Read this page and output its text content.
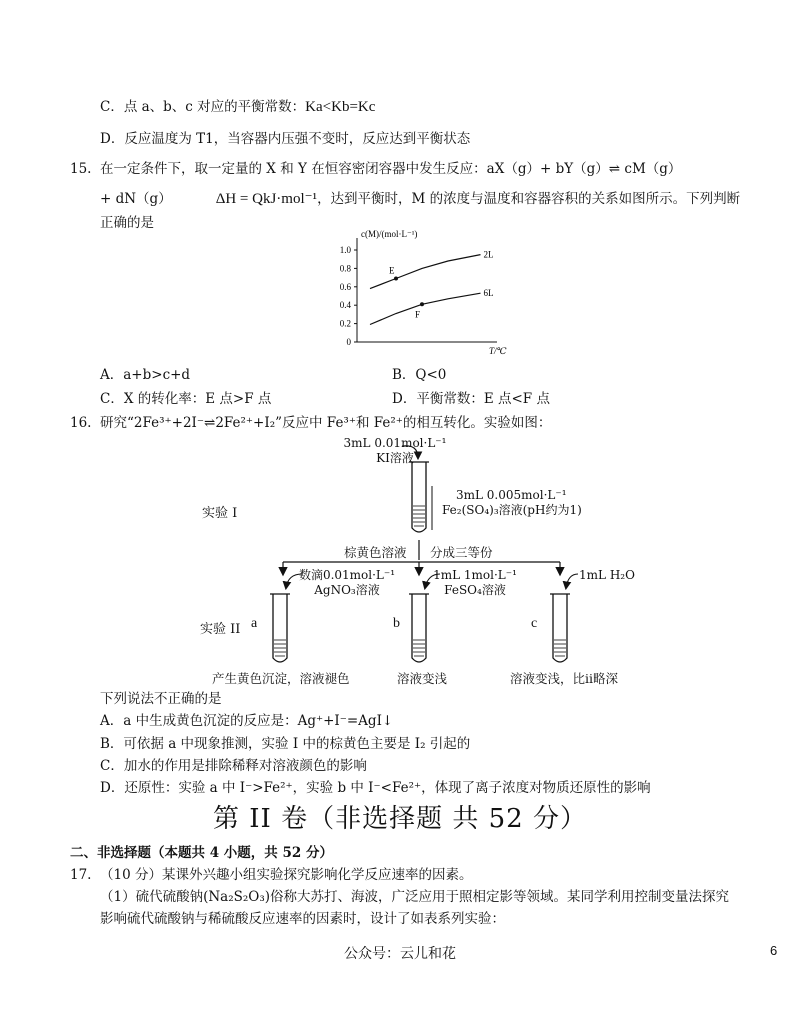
C．点 a、b、c 对应的平衡常数：Ka<Kb=Kc
D．反应温度为 T1，当容器内压强不变时，反应达到平衡状态
15. 在一定条件下，取一定量的 X 和 Y 在恒容密闭容器中发生反应：aX（g）+ bY（g）⇌ cM（g）
+ dN（g）	ΔH = QkJ·mol⁻¹，达到平衡时，M 的浓度与温度和容器容积的关系如图所示。下列判断
正确的是
c(M)/(mol·L⁻¹)
T/℃
0
0.2
0.4
0.6
0.8
1.0	2L
6L
E
F
A．a+b>c+d	B．Q<0
C．X 的转化率：E 点>F 点	D．平衡常数：E 点<F 点
16. 研究“2Fe³⁺+2I⁻⇌2Fe²⁺+I₂”反应中 Fe³⁺和 Fe²⁺的相互转化。实验如图：
3mL 0.01mol·L⁻¹
KI溶液
实验 I
3mL 0.005mol·L⁻¹
Fe₂(SO₄)₃溶液(pH约为1)
棕黄色溶液 分成三等份
数滴0.01mol·L⁻¹
AgNO₃溶液
1mL 1mol·L⁻¹
FeSO₄溶液
1mL H₂O
实验 II a	b	c
产生黄色沉淀，溶液褪色	溶液变浅	溶液变浅，比ii略深
下列说法不正确的是
A．a 中生成黄色沉淀的反应是：Ag⁺+I⁻=AgI↓
B．可依据 a 中现象推测，实验 I 中的棕黄色主要是 I₂ 引起的
C．加水的作用是排除稀释对溶液颜色的影响
D．还原性：实验 a 中 I⁻>Fe²⁺，实验 b 中 I⁻<Fe²⁺，体现了离子浓度对物质还原性的影响
第 II 卷（非选择题 共 52 分）
二、非选择题（本题共 4 小题，共 52 分）
17. （10 分）某课外兴趣小组实验探究影响化学反应速率的因素。
（1）硫代硫酸钠(Na₂S₂O₃)俗称大苏打、海波，广泛应用于照相定影等领域。某同学利用控制变量法探究
影响硫代硫酸钠与稀硫酸反应速率的因素时，设计了如表系列实验：
公众号：云儿和花	6
